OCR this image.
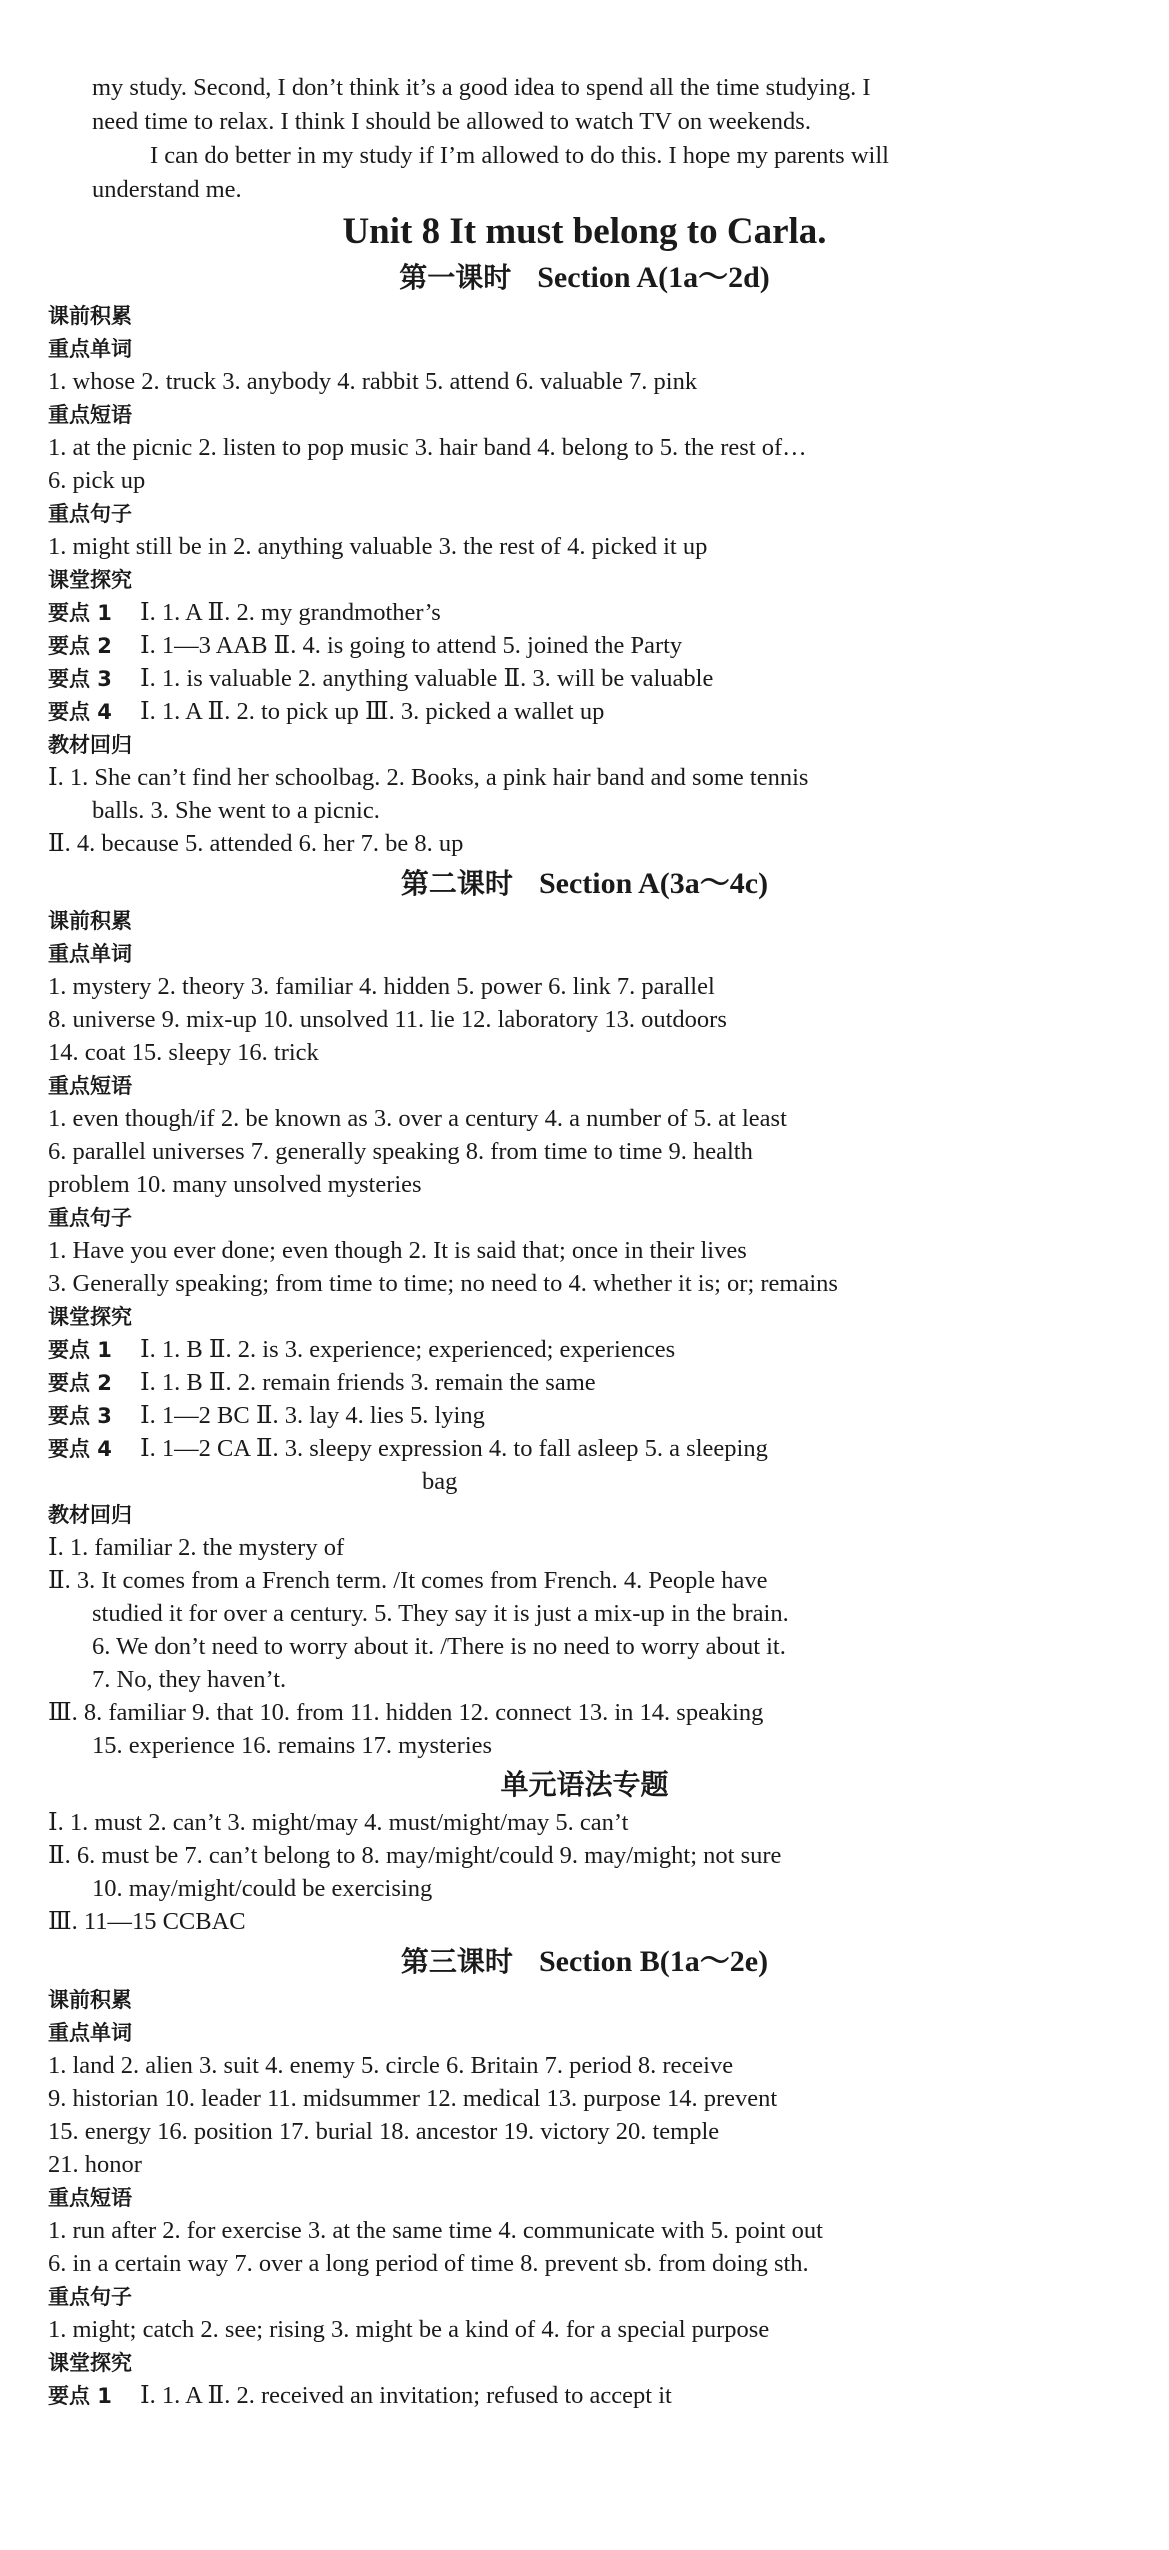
my study. Second, I don’t think it’s a good idea to spend all the time studying. I
need time to relax. I think I should be allowed to watch TV on weekends.
I can do better in my study if I’m allowed to do this. I hope my parents will
understand me.
Unit 8 It must belong to Carla.
第一课时 Section A(1a～2d)
课前积累
重点单词
1. whose 2. truck 3. anybody 4. rabbit 5. attend 6. valuable 7. pink
重点短语
1. at the picnic 2. listen to pop music 3. hair band 4. belong to 5. the rest of…
6. pick up
重点句子
1. might still be in 2. anything valuable 3. the rest of 4. picked it up
课堂探究
要点 1 Ⅰ. 1. A Ⅱ. 2. my grandmother’s
要点 2 Ⅰ. 1—3 AAB Ⅱ. 4. is going to attend 5. joined the Party
要点 3 Ⅰ. 1. is valuable 2. anything valuable Ⅱ. 3. will be valuable
要点 4 Ⅰ. 1. A Ⅱ. 2. to pick up Ⅲ. 3. picked a wallet up
教材回归
Ⅰ. 1. She can’t find her schoolbag. 2. Books, a pink hair band and some tennis
balls. 3. She went to a picnic.
Ⅱ. 4. because 5. attended 6. her 7. be 8. up
第二课时 Section A(3a～4c)
课前积累
重点单词
1. mystery 2. theory 3. familiar 4. hidden 5. power 6. link 7. parallel
8. universe 9. mix-up 10. unsolved 11. lie 12. laboratory 13. outdoors
14. coat 15. sleepy 16. trick
重点短语
1. even though/if 2. be known as 3. over a century 4. a number of 5. at least
6. parallel universes 7. generally speaking 8. from time to time 9. health
problem 10. many unsolved mysteries
重点句子
1. Have you ever done; even though 2. It is said that; once in their lives
3. Generally speaking; from time to time; no need to 4. whether it is; or; remains
课堂探究
要点 1 Ⅰ. 1. B Ⅱ. 2. is 3. experience; experienced; experiences
要点 2 Ⅰ. 1. B Ⅱ. 2. remain friends 3. remain the same
要点 3 Ⅰ. 1—2 BC Ⅱ. 3. lay 4. lies 5. lying
要点 4 Ⅰ. 1—2 CA Ⅱ. 3. sleepy expression 4. to fall asleep 5. a sleeping
bag
教材回归
Ⅰ. 1. familiar 2. the mystery of
Ⅱ. 3. It comes from a French term. /It comes from French. 4. People have
studied it for over a century. 5. They say it is just a mix-up in the brain.
6. We don’t need to worry about it. /There is no need to worry about it.
7. No, they haven’t.
Ⅲ. 8. familiar 9. that 10. from 11. hidden 12. connect 13. in 14. speaking
15. experience 16. remains 17. mysteries
单元语法专题
Ⅰ. 1. must 2. can’t 3. might/may 4. must/might/may 5. can’t
Ⅱ. 6. must be 7. can’t belong to 8. may/might/could 9. may/might; not sure
10. may/might/could be exercising
Ⅲ. 11—15 CCBAC
第三课时 Section B(1a～2e)
课前积累
重点单词
1. land 2. alien 3. suit 4. enemy 5. circle 6. Britain 7. period 8. receive
9. historian 10. leader 11. midsummer 12. medical 13. purpose 14. prevent
15. energy 16. position 17. burial 18. ancestor 19. victory 20. temple
21. honor
重点短语
1. run after 2. for exercise 3. at the same time 4. communicate with 5. point out
6. in a certain way 7. over a long period of time 8. prevent sb. from doing sth.
重点句子
1. might; catch 2. see; rising 3. might be a kind of 4. for a special purpose
课堂探究
要点 1 Ⅰ. 1. A Ⅱ. 2. received an invitation; refused to accept it
